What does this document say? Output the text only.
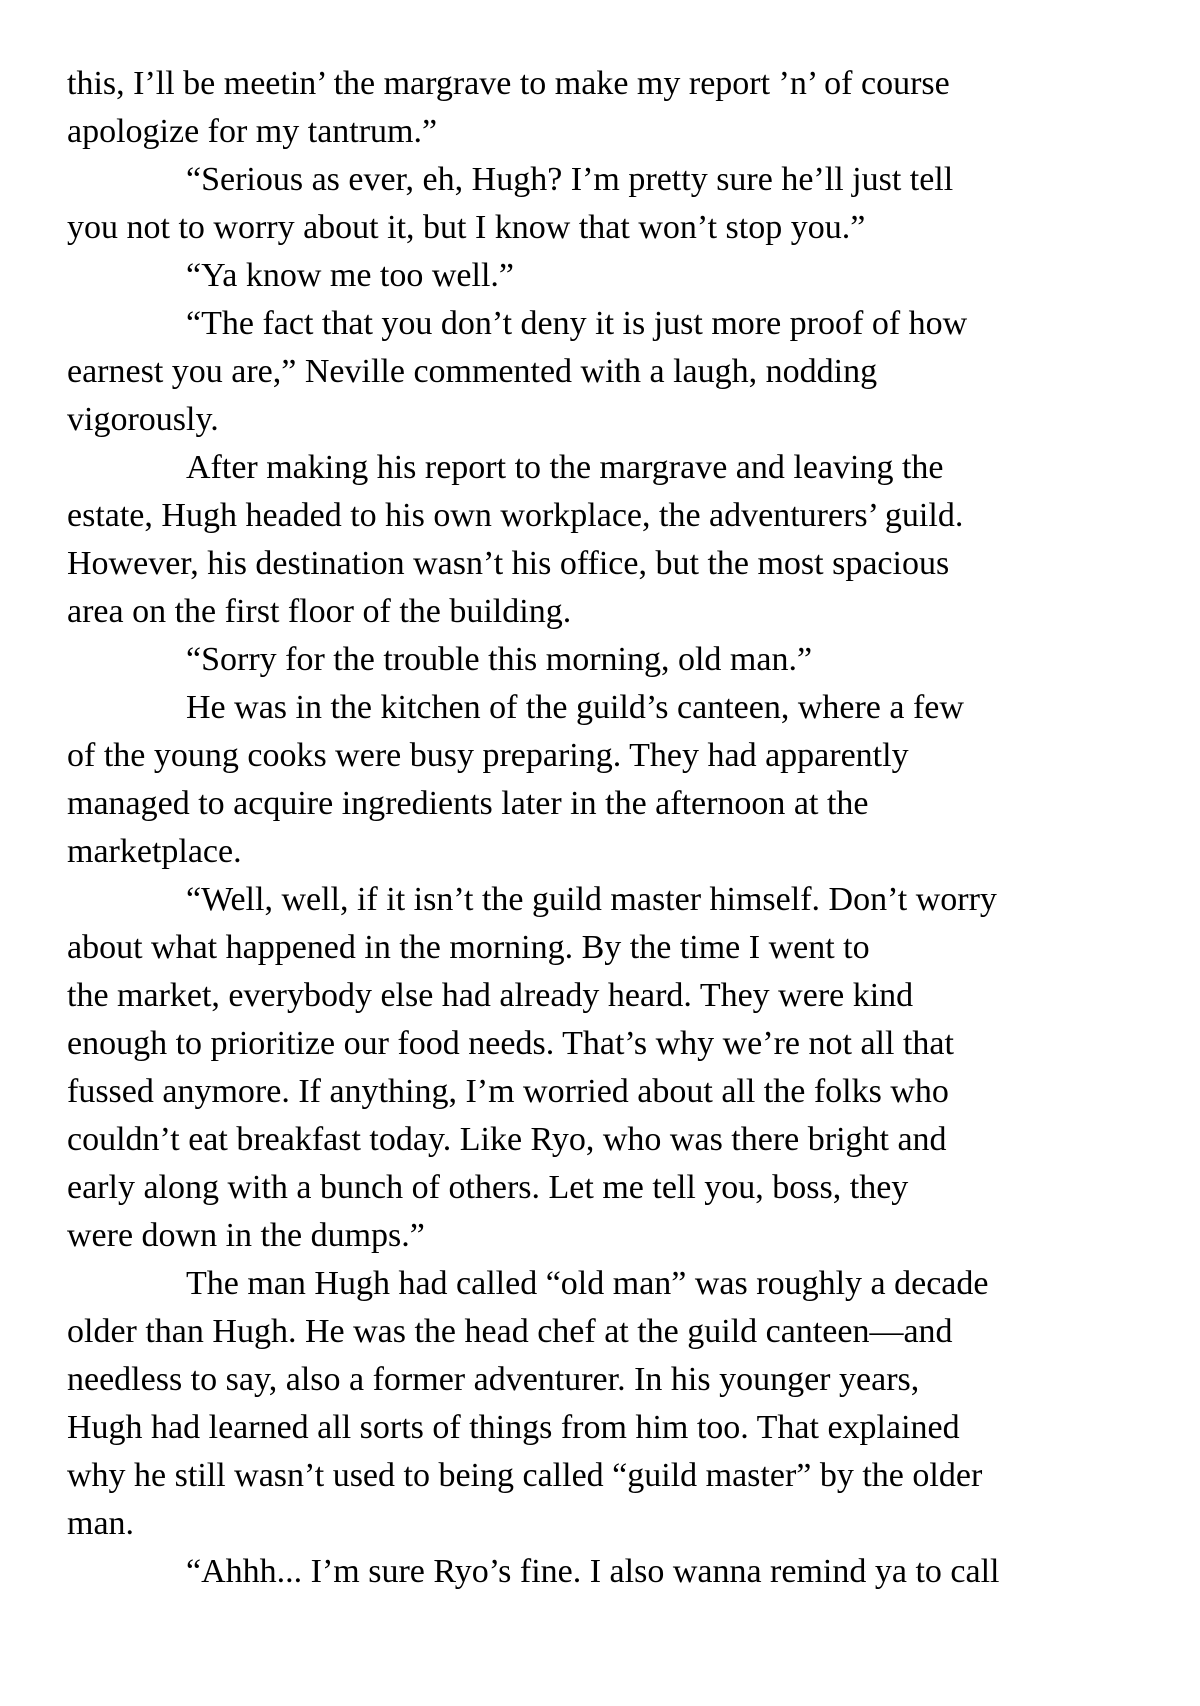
this, I’ll be meetin’ the margrave to make my report ’n’ of course
apologize for my tantrum.”
“Serious as ever, eh, Hugh? I’m pretty sure he’ll just tell
you not to worry about it, but I know that won’t stop you.”
“Ya know me too well.”
“The fact that you don’t deny it is just more proof of how
earnest you are,” Neville commented with a laugh, nodding
vigorously.
After making his report to the margrave and leaving the
estate, Hugh headed to his own workplace, the adventurers’ guild.
However, his destination wasn’t his office, but the most spacious
area on the first floor of the building.
“Sorry for the trouble this morning, old man.”
He was in the kitchen of the guild’s canteen, where a few
of the young cooks were busy preparing. They had apparently
managed to acquire ingredients later in the afternoon at the
marketplace.
“Well, well, if it isn’t the guild master himself. Don’t worry
about what happened in the morning. By the time I went to
the market, everybody else had already heard. They were kind
enough to prioritize our food needs. That’s why we’re not all that
fussed anymore. If anything, I’m worried about all the folks who
couldn’t eat breakfast today. Like Ryo, who was there bright and
early along with a bunch of others. Let me tell you, boss, they
were down in the dumps.”
The man Hugh had called “old man” was roughly a decade
older than Hugh. He was the head chef at the guild canteen—and
needless to say, also a former adventurer. In his younger years,
Hugh had learned all sorts of things from him too. That explained
why he still wasn’t used to being called “guild master” by the older
man.
“Ahhh... I’m sure Ryo’s fine. I also wanna remind ya to call
